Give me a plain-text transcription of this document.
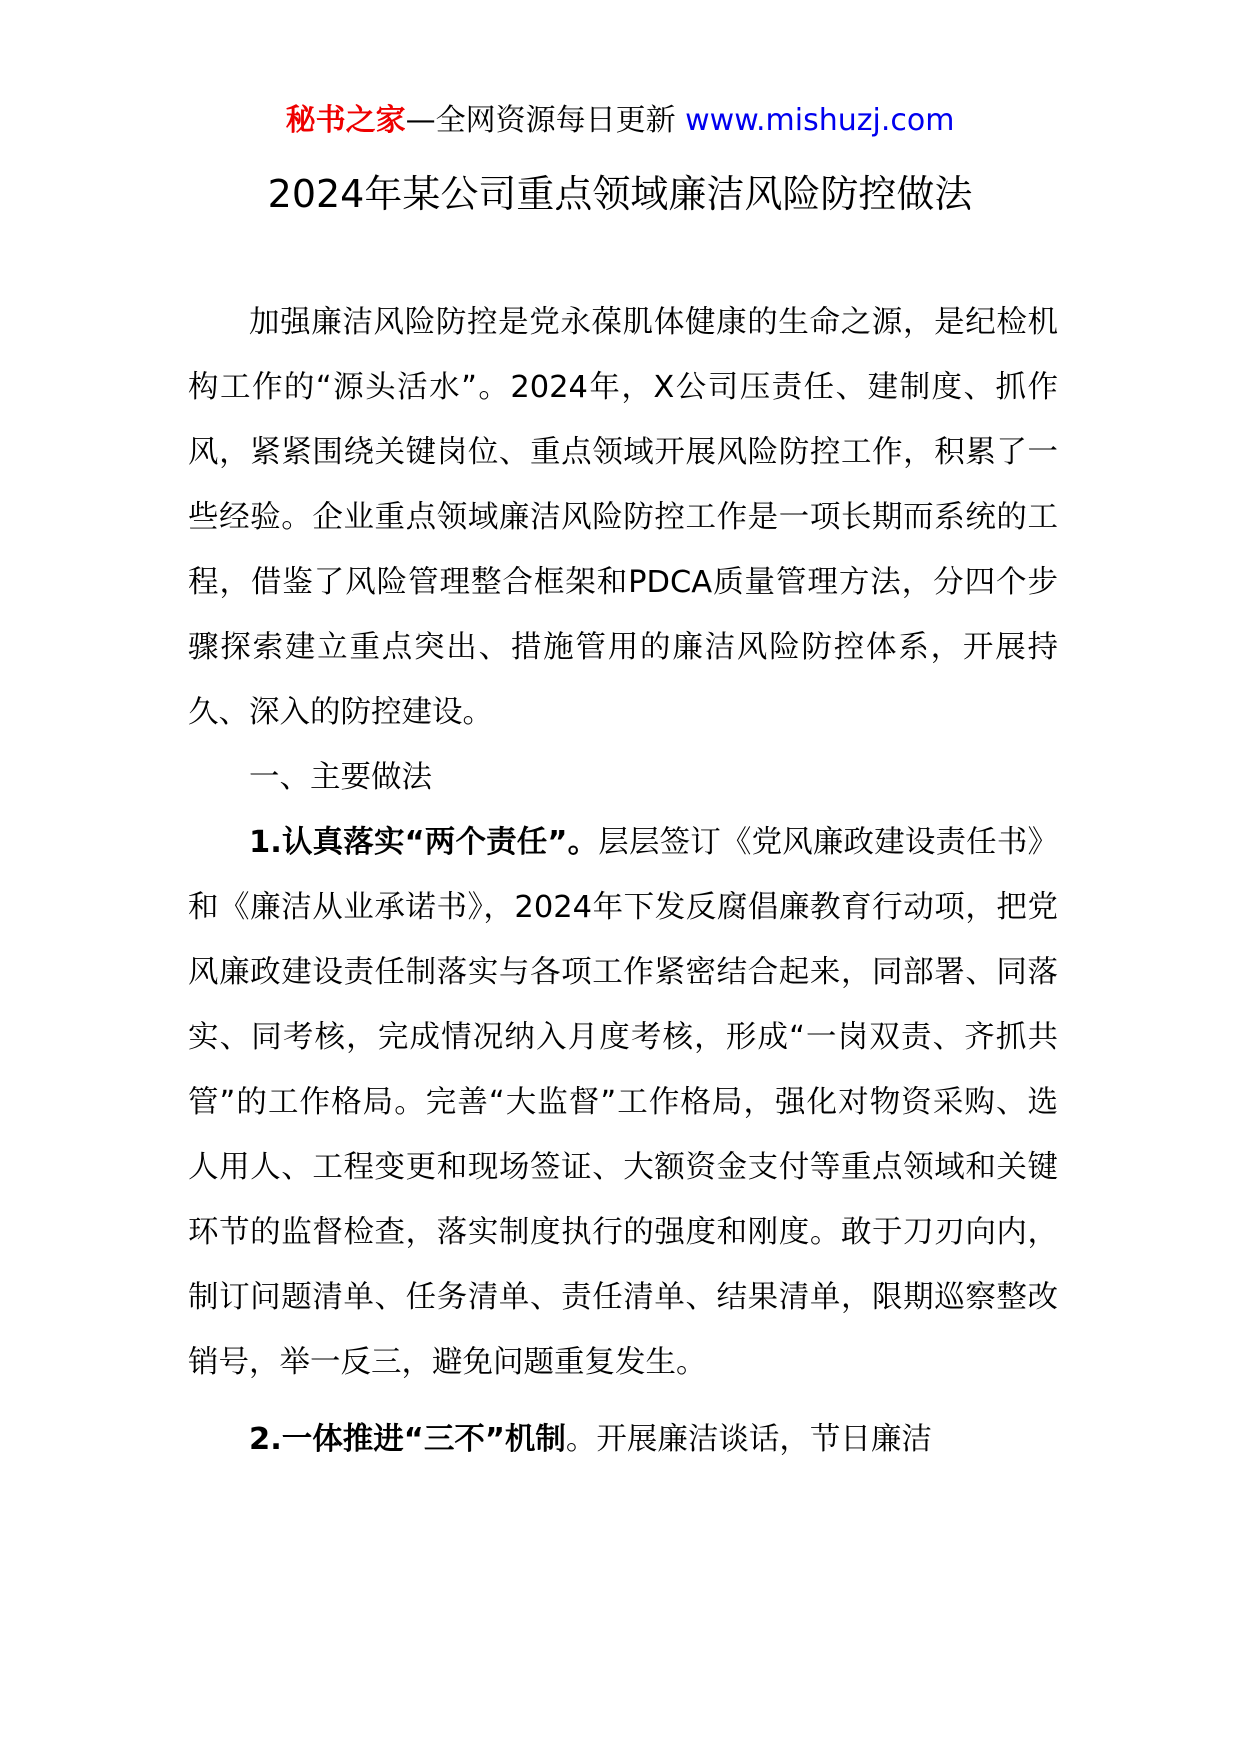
秘书之家—全网资源每日更新 www.mishuzj.com
2024年某公司重点领域廉洁风险防控做法

加强廉洁风险防控是党永葆肌体健康的生命之源，是纪检机构工作的“源头活水”。2024年，X公司压责任、建制度、抓作风，紧紧围绕关键岗位、重点领域开展风险防控工作，积累了一些经验。企业重点领域廉洁风险防控工作是一项长期而系统的工程，借鉴了风险管理整合框架和PDCA质量管理方法，分四个步骤探索建立重点突出、措施管用的廉洁风险防控体系，开展持久、深入的防控建设。

一、主要做法

1.认真落实“两个责任”。层层签订《党风廉政建设责任书》和《廉洁从业承诺书》，2024年下发反腐倡廉教育行动项，把党风廉政建设责任制落实与各项工作紧密结合起来，同部署、同落实、同考核，完成情况纳入月度考核，形成“一岗双责、齐抓共管”的工作格局。完善“大监督”工作格局，强化对物资采购、选人用人、工程变更和现场签证、大额资金支付等重点领域和关键环节的监督检查，落实制度执行的强度和刚度。敢于刀刃向内，制订问题清单、任务清单、责任清单、结果清单，限期巡察整改销号，举一反三，避免问题重复发生。

2.一体推进“三不”机制。开展廉洁谈话，节日廉洁
